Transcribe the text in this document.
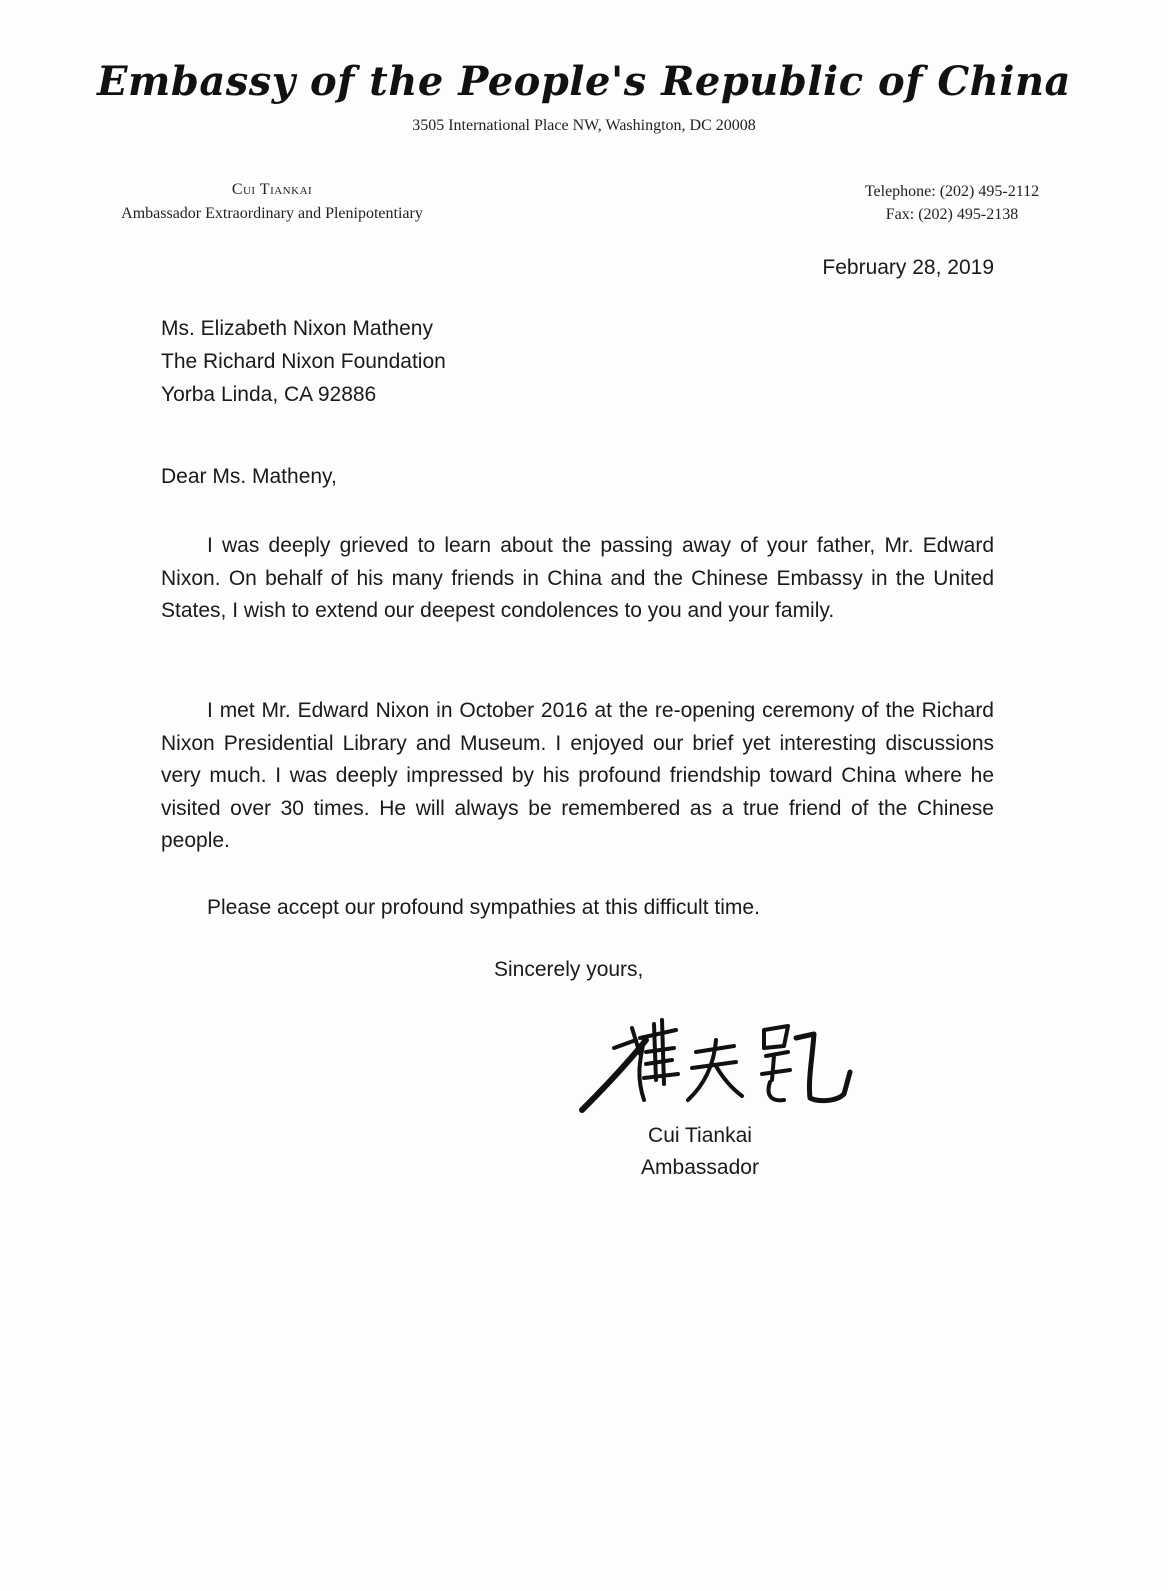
Embassy of the People's Republic of China
3505 International Place NW, Washington, DC 20008
Cui Tiankai
Ambassador Extraordinary and Plenipotentiary
Telephone: (202) 495-2112
Fax: (202) 495-2138
February 28, 2019
Ms. Elizabeth Nixon Matheny
The Richard Nixon Foundation
Yorba Linda, CA 92886
Dear Ms. Matheny,

I was deeply grieved to learn about the passing away of your father, Mr. Edward Nixon. On behalf of his many friends in China and the Chinese Embassy in the United States, I wish to extend our deepest condolences to you and your family.

I met Mr. Edward Nixon in October 2016 at the re-opening ceremony of the Richard Nixon Presidential Library and Museum. I enjoyed our brief yet interesting discussions very much. I was deeply impressed by his profound friendship toward China where he visited over 30 times. He will always be remembered as a true friend of the Chinese people.

Please accept our profound sympathies at this difficult time.

Sincerely yours,
Cui Tiankai
Ambassador
